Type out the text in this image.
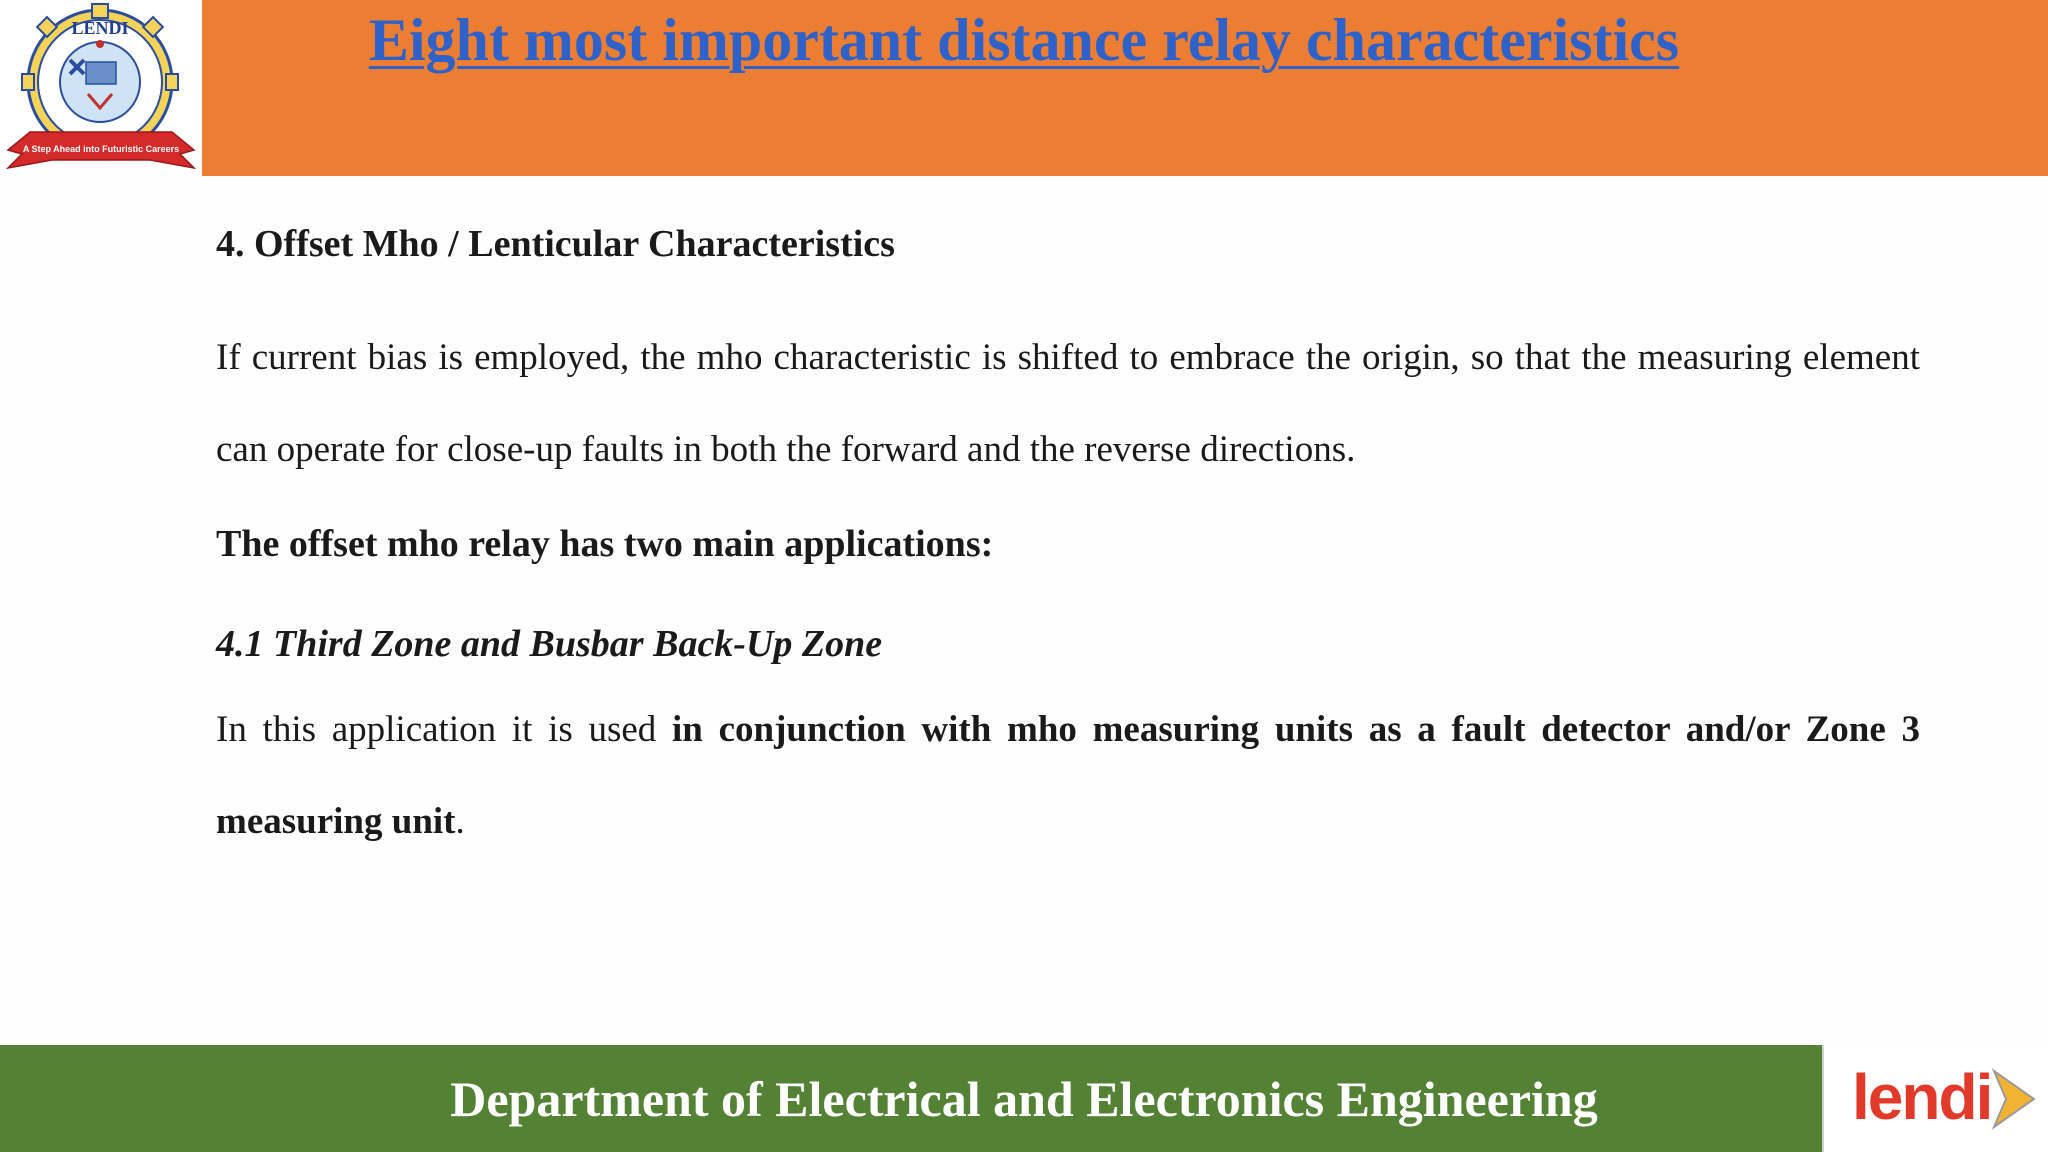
A Step Ahead into Futuristic Careers
LENDI	Eight most important distance relay characteristics
4. Offset Mho / Lenticular Characteristics

If current bias is employed, the mho characteristic is shifted to embrace the origin, so that the measuring element can operate for close-up faults in both the forward and the reverse directions.

The offset mho relay has two main applications:
4.1 Third Zone and Busbar Back-Up Zone

In this application it is used in conjunction with mho measuring units as a fault detector and/or Zone 3 measuring unit.

Department of Electrical and Electronics Engineering	lendi
